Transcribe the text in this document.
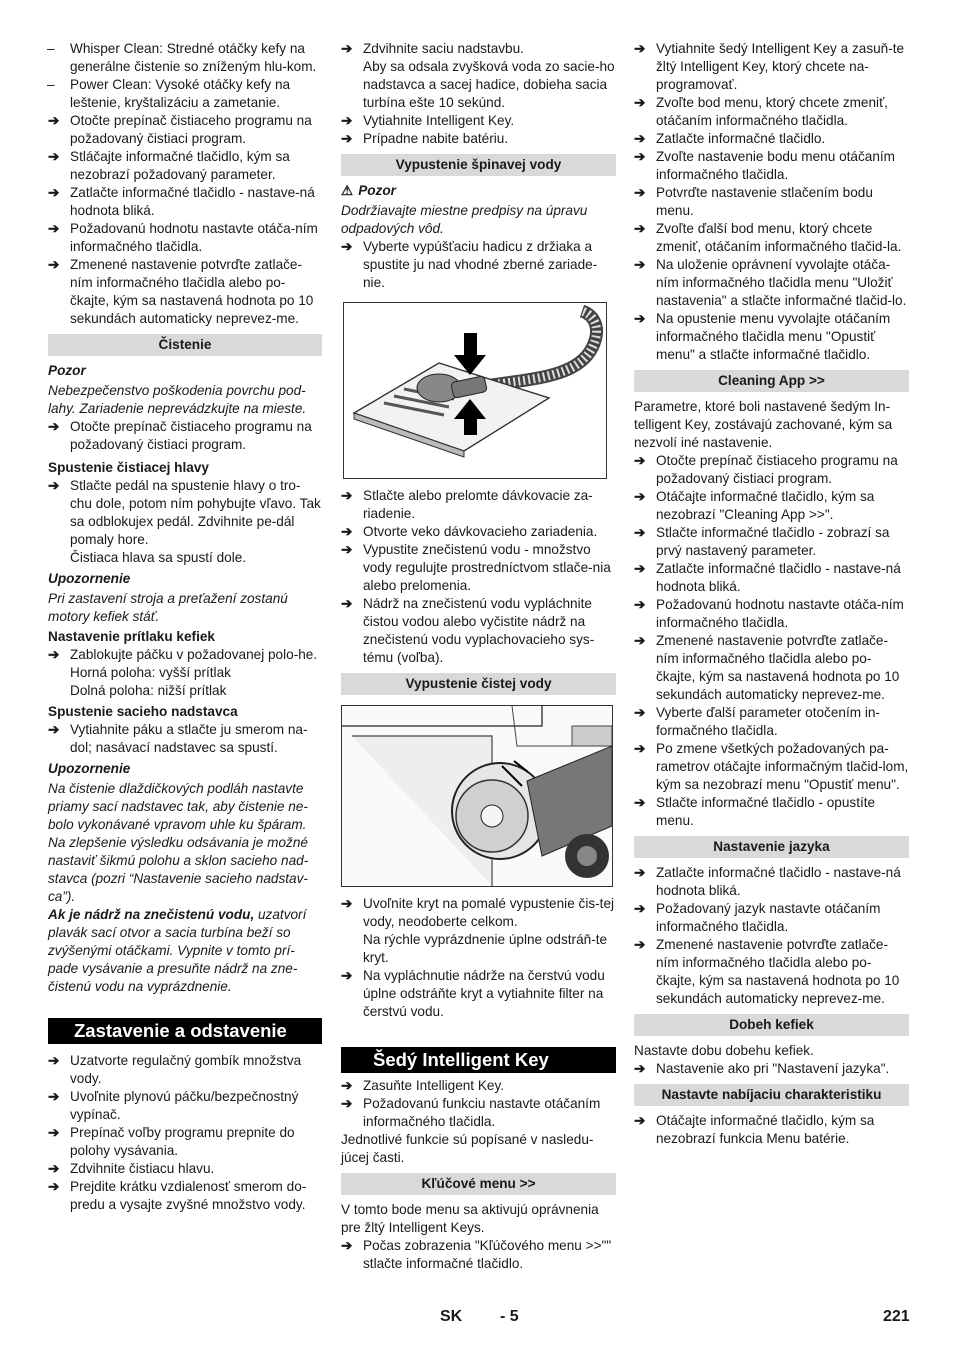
– Whisper Clean: Stredné otáčky kefy na generálne čistenie so zníženým hlu-kom.

– Power Clean: Vysoké otáčky kefy na leštenie, kryštalizáciu a zametanie.

➔ Otočte prepínač čistiaceho programu na požadovaný čistiaci program.

➔ Stláčajte informačné tlačidlo, kým sa nezobrazí požadovaný parameter.

➔ Zatlačte informačné tlačidlo - nastave-ná hodnota bliká.

➔ Požadovanú hodnotu nastavte otáča-ním informačného tlačidla.

➔ Zmenené nastavenie potvrďte zatlače-ním informačného tlačidla alebo po-čkajte, kým sa nastavená hodnota po 10 sekundách automaticky neprevez-me.

Čistenie

Pozor

Nebezpečenstvo poškodenia povrchu pod-lahy. Zariadenie neprevádzkujte na mieste.

➔ Otočte prepínač čistiaceho programu na požadovaný čistiaci program.

Spustenie čistiacej hlavy

➔ Stlačte pedál na spustenie hlavy o tro-chu dole, potom ním pohybujte vľavo. Tak sa odblokujex pedál. Zdvihnite pe-dál pomaly hore.

Čistiaca hlava sa spustí dole.

Upozornenie

Pri zastavení stroja a preťažení zostanú motory kefiek stáť.

Nastavenie prítlaku kefiek

➔ Zablokujte páčku v požadovanej polo-he.

Horná poloha: vyšší prítlak

Dolná poloha: nižší prítlak

Spustenie sacieho nadstavca

➔ Vytiahnite páku a stlačte ju smerom na-dol; nasávací nadstavec sa spustí.

Upozornenie

Na čistenie dlaždičkových podláh nastavte priamy sací nadstavec tak, aby čistenie ne-bolo vykonávané vpravom uhle ku špáram. Na zlepšenie výsledku odsávania je možné nastaviť šikmú polohu a sklon sacieho nad-stavca (pozri “Nastavenie sacieho nadstav-ca”).

Ak je nádrž na znečistenú vodu, uzatvorí plavák sací otvor a sacia turbína beží so zvýšenými otáčkami. Vypnite v tomto prí-pade vysávanie a presuňte nádrž na zne-čistenú vodu na vyprázdnenie.

Zastavenie a odstavenie

➔ Uzatvorte regulačný gombík množstva vody.

➔ Uvoľnite plynovú páčku/bezpečnostný vypínač.

➔ Prepínač voľby programu prepnite do polohy vysávania.

➔ Zdvihnite čistiacu hlavu.

➔ Prejdite krátku vzdialenosť smerom do-predu a vysajte zvyšné množstvo vody.

➔ Zdvihnite saciu nadstavbu.

Aby sa odsala zvyšková voda zo sacie-ho nadstavca a sacej hadice, dobieha sacia turbína ešte 10 sekúnd.

➔ Vytiahnite Intelligent Key.

➔ Prípadne nabite batériu.

Vypustenie špinavej vody

⚠ Pozor

Dodržiavajte miestne predpisy na úpravu odpadových vôd.

➔ Vyberte vypúšťaciu hadicu z držiaka a spustite ju nad vhodné zberné zariade-nie.

➔ Stlačte alebo prelomte dávkovacie za-riadenie.

➔ Otvorte veko dávkovacieho zariadenia.

➔ Vypustite znečistenú vodu - množstvo vody regulujte prostredníctvom stlače-nia alebo prelomenia.

➔ Nádrž na znečistenú vodu vypláchnite čistou vodou alebo vyčistite nádrž na znečistenú vodu vyplachovacieho sys-tému (voľba).

Vypustenie čistej vody

➔ Uvoľnite kryt na pomalé vypustenie čis-tej vody, neodoberte celkom.

Na rýchle vyprázdnenie úplne odstráň-te kryt.

➔ Na vypláchnutie nádrže na čerstvú vodu úplne odstráňte kryt a vytiahnite filter na čerstvú vodu.

Šedý Intelligent Key

➔ Zasuňte Intelligent Key.

➔ Požadovanú funkciu nastavte otáčaním informačného tlačidla.

Jednotlivé funkcie sú popísané v nasledu-júcej časti.

Kľúčové menu >>

V tomto bode menu sa aktivujú oprávnenia pre žltý Intelligent Keys.

➔ Počas zobrazenia "Kľúčového menu >>"" stlačte informačné tlačidlo.

➔ Vytiahnite šedý Intelligent Key a zasuň-te žltý Intelligent Key, ktorý chcete na-programovať.

➔ Zvoľte bod menu, ktorý chcete zmeniť, otáčaním informačného tlačidla.

➔ Zatlačte informačné tlačidlo.

➔ Zvoľte nastavenie bodu menu otáčaním informačného tlačidla.

➔ Potvrďte nastavenie stlačením bodu menu.

➔ Zvoľte ďalší bod menu, ktorý chcete zmeniť, otáčaním informačného tlačid-la.

➔ Na uloženie oprávnení vyvolajte otáča-ním informačného tlačidla menu "Uložiť nastavenia" a stlačte informačné tlačid-lo.

➔ Na opustenie menu vyvolajte otáčaním informačného tlačidla menu "Opustiť menu" a stlačte informačné tlačidlo.

Cleaning App >>

Parametre, ktoré boli nastavené šedým In-telligent Key, zostávajú zachované, kým sa nezvolí iné nastavenie.

➔ Otočte prepínač čistiaceho programu na požadovaný čistiaci program.

➔ Otáčajte informačné tlačidlo, kým sa nezobrazí "Cleaning App >>".

➔ Stlačte informačné tlačidlo - zobrazí sa prvý nastavený parameter.

➔ Zatlačte informačné tlačidlo - nastave-ná hodnota bliká.

➔ Požadovanú hodnotu nastavte otáča-ním informačného tlačidla.

➔ Zmenené nastavenie potvrďte zatlače-ním informačného tlačidla alebo po-čkajte, kým sa nastavená hodnota po 10 sekundách automaticky neprevez-me.

➔ Vyberte ďalší parameter otočením in-formačného tlačidla.

➔ Po zmene všetkých požadovaných pa-rametrov otáčajte informačným tlačid-lom, kým sa nezobrazí menu "Opustiť menu".

➔ Stlačte informačné tlačidlo - opustíte menu.

Nastavenie jazyka

➔ Zatlačte informačné tlačidlo - nastave-ná hodnota bliká.

➔ Požadovaný jazyk nastavte otáčaním informačného tlačidla.

➔ Zmenené nastavenie potvrďte zatlače-ním informačného tlačidla alebo po-čkajte, kým sa nastavená hodnota po 10 sekundách automaticky neprevez-me.

Dobeh kefiek

Nastavte dobu dobehu kefiek.

➔ Nastavenie ako pri "Nastavení jazyka".

Nastavte nabíjaciu charakteristiku

➔ Otáčajte informačné tlačidlo, kým sa nezobrazí funkcia Menu batérie.

SK - 5	221
